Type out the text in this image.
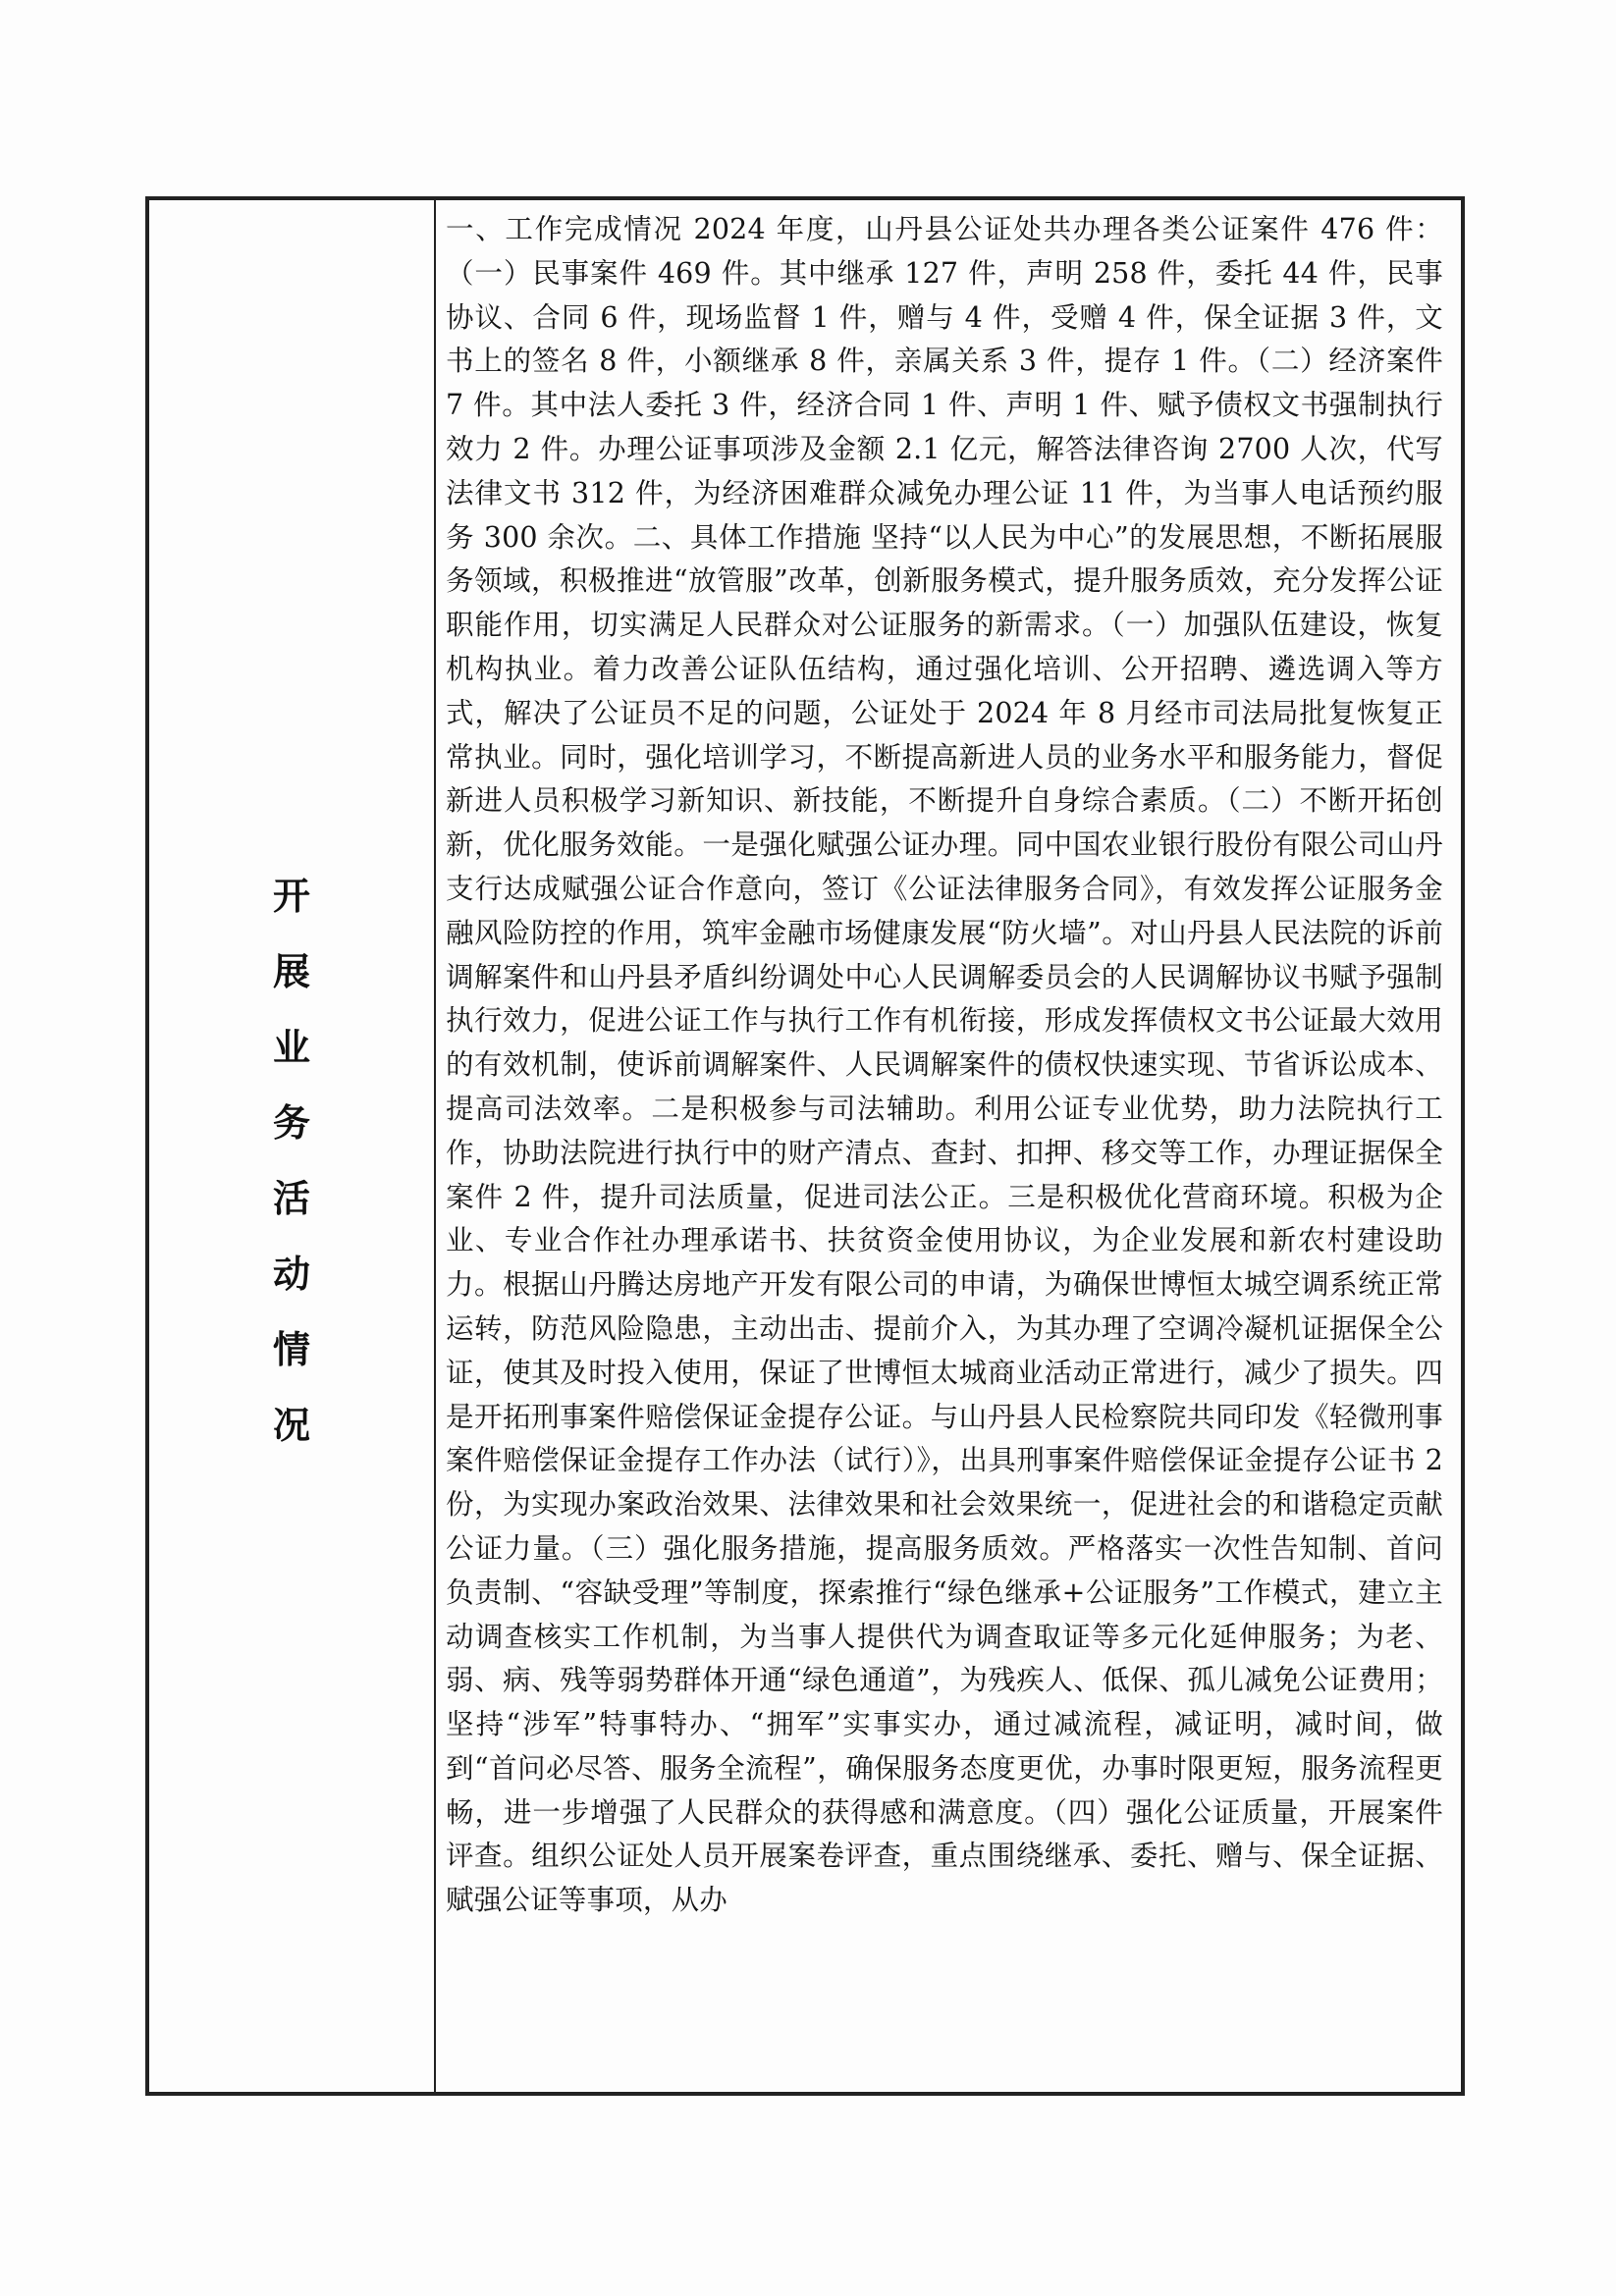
开
展
业
务
活
动
情
况

一、工作完成情况 2024 年度，山丹县公证处共办理各类公证案件 476 件：（一）民事案件 469 件。其中继承 127 件，声明 258 件，委托 44 件，民事协议、合同 6 件，现场监督 1 件，赠与 4 件，受赠 4 件，保全证据 3 件，文书上的签名 8 件，小额继承 8 件，亲属关系 3 件，提存 1 件。（二）经济案件 7 件。其中法人委托 3 件，经济合同 1 件、声明 1 件、赋予债权文书强制执行效力 2 件。办理公证事项涉及金额 2.1 亿元，解答法律咨询 2700 人次，代写法律文书 312 件，为经济困难群众减免办理公证 11 件，为当事人电话预约服务 300 余次。二、具体工作措施 坚持“以人民为中心”的发展思想，不断拓展服务领域，积极推进“放管服”改革，创新服务模式，提升服务质效，充分发挥公证职能作用，切实满足人民群众对公证服务的新需求。（一）加强队伍建设，恢复机构执业。着力改善公证队伍结构，通过强化培训、公开招聘、遴选调入等方式，解决了公证员不足的问题，公证处于 2024 年 8 月经市司法局批复恢复正常执业。同时，强化培训学习，不断提高新进人员的业务水平和服务能力，督促新进人员积极学习新知识、新技能，不断提升自身综合素质。（二）不断开拓创新，优化服务效能。一是强化赋强公证办理。同中国农业银行股份有限公司山丹支行达成赋强公证合作意向，签订《公证法律服务合同》，有效发挥公证服务金融风险防控的作用，筑牢金融市场健康发展“防火墙”。对山丹县人民法院的诉前调解案件和山丹县矛盾纠纷调处中心人民调解委员会的人民调解协议书赋予强制执行效力，促进公证工作与执行工作有机衔接，形成发挥债权文书公证最大效用的有效机制，使诉前调解案件、人民调解案件的债权快速实现、节省诉讼成本、提高司法效率。二是积极参与司法辅助。利用公证专业优势，助力法院执行工作，协助法院进行执行中的财产清点、查封、扣押、移交等工作，办理证据保全案件 2 件，提升司法质量，促进司法公正。三是积极优化营商环境。积极为企业、专业合作社办理承诺书、扶贫资金使用协议，为企业发展和新农村建设助力。根据山丹腾达房地产开发有限公司的申请，为确保世博恒太城空调系统正常运转，防范风险隐患，主动出击、提前介入，为其办理了空调冷凝机证据保全公证，使其及时投入使用，保证了世博恒太城商业活动正常进行，减少了损失。四是开拓刑事案件赔偿保证金提存公证。与山丹县人民检察院共同印发《轻微刑事案件赔偿保证金提存工作办法（试行）》，出具刑事案件赔偿保证金提存公证书 2 份，为实现办案政治效果、法律效果和社会效果统一，促进社会的和谐稳定贡献公证力量。（三）强化服务措施，提高服务质效。严格落实一次性告知制、首问负责制、“容缺受理”等制度，探索推行“绿色继承+公证服务”工作模式，建立主动调查核实工作机制，为当事人提供代为调查取证等多元化延伸服务；为老、弱、病、残等弱势群体开通“绿色通道”，为残疾人、低保、孤儿减免公证费用；坚持“涉军”特事特办、“拥军”实事实办，通过减流程，减证明，减时间，做到“首问必尽答、服务全流程”，确保服务态度更优，办事时限更短，服务流程更畅，进一步增强了人民群众的获得感和满意度。（四）强化公证质量，开展案件评查。组织公证处人员开展案卷评查，重点围绕继承、委托、赠与、保全证据、赋强公证等事项，从办
